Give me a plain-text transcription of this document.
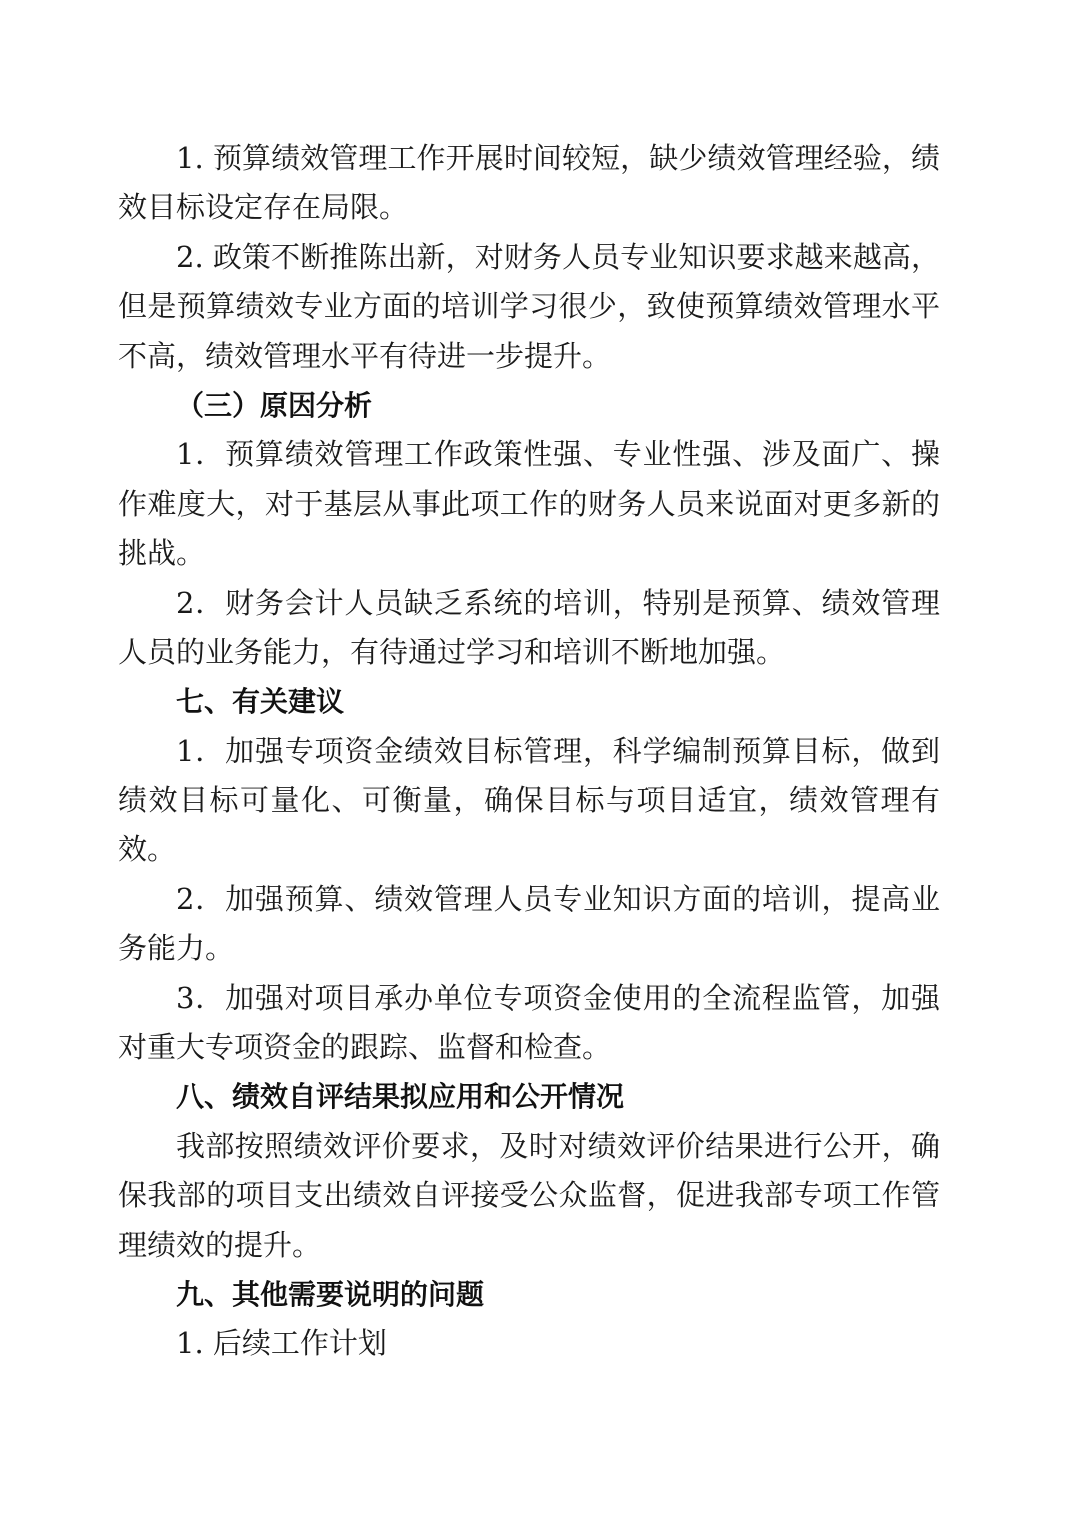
1. 预算绩效管理工作开展时间较短，缺少绩效管理经验，绩
效目标设定存在局限。
2. 政策不断推陈出新，对财务人员专业知识要求越来越高，
但是预算绩效专业方面的培训学习很少，致使预算绩效管理水平
不高，绩效管理水平有待进一步提升。
（三）原因分析
1．预算绩效管理工作政策性强、专业性强、涉及面广、操
作难度大，对于基层从事此项工作的财务人员来说面对更多新的
挑战。
2．财务会计人员缺乏系统的培训，特别是预算、绩效管理
人员的业务能力，有待通过学习和培训不断地加强。
七、有关建议
1．加强专项资金绩效目标管理，科学编制预算目标，做到
绩效目标可量化、可衡量，确保目标与项目适宜，绩效管理有
效。
2．加强预算、绩效管理人员专业知识方面的培训，提高业
务能力。
3．加强对项目承办单位专项资金使用的全流程监管，加强
对重大专项资金的跟踪、监督和检查。
八、绩效自评结果拟应用和公开情况
我部按照绩效评价要求，及时对绩效评价结果进行公开，确
保我部的项目支出绩效自评接受公众监督，促进我部专项工作管
理绩效的提升。
九、其他需要说明的问题
1. 后续工作计划
